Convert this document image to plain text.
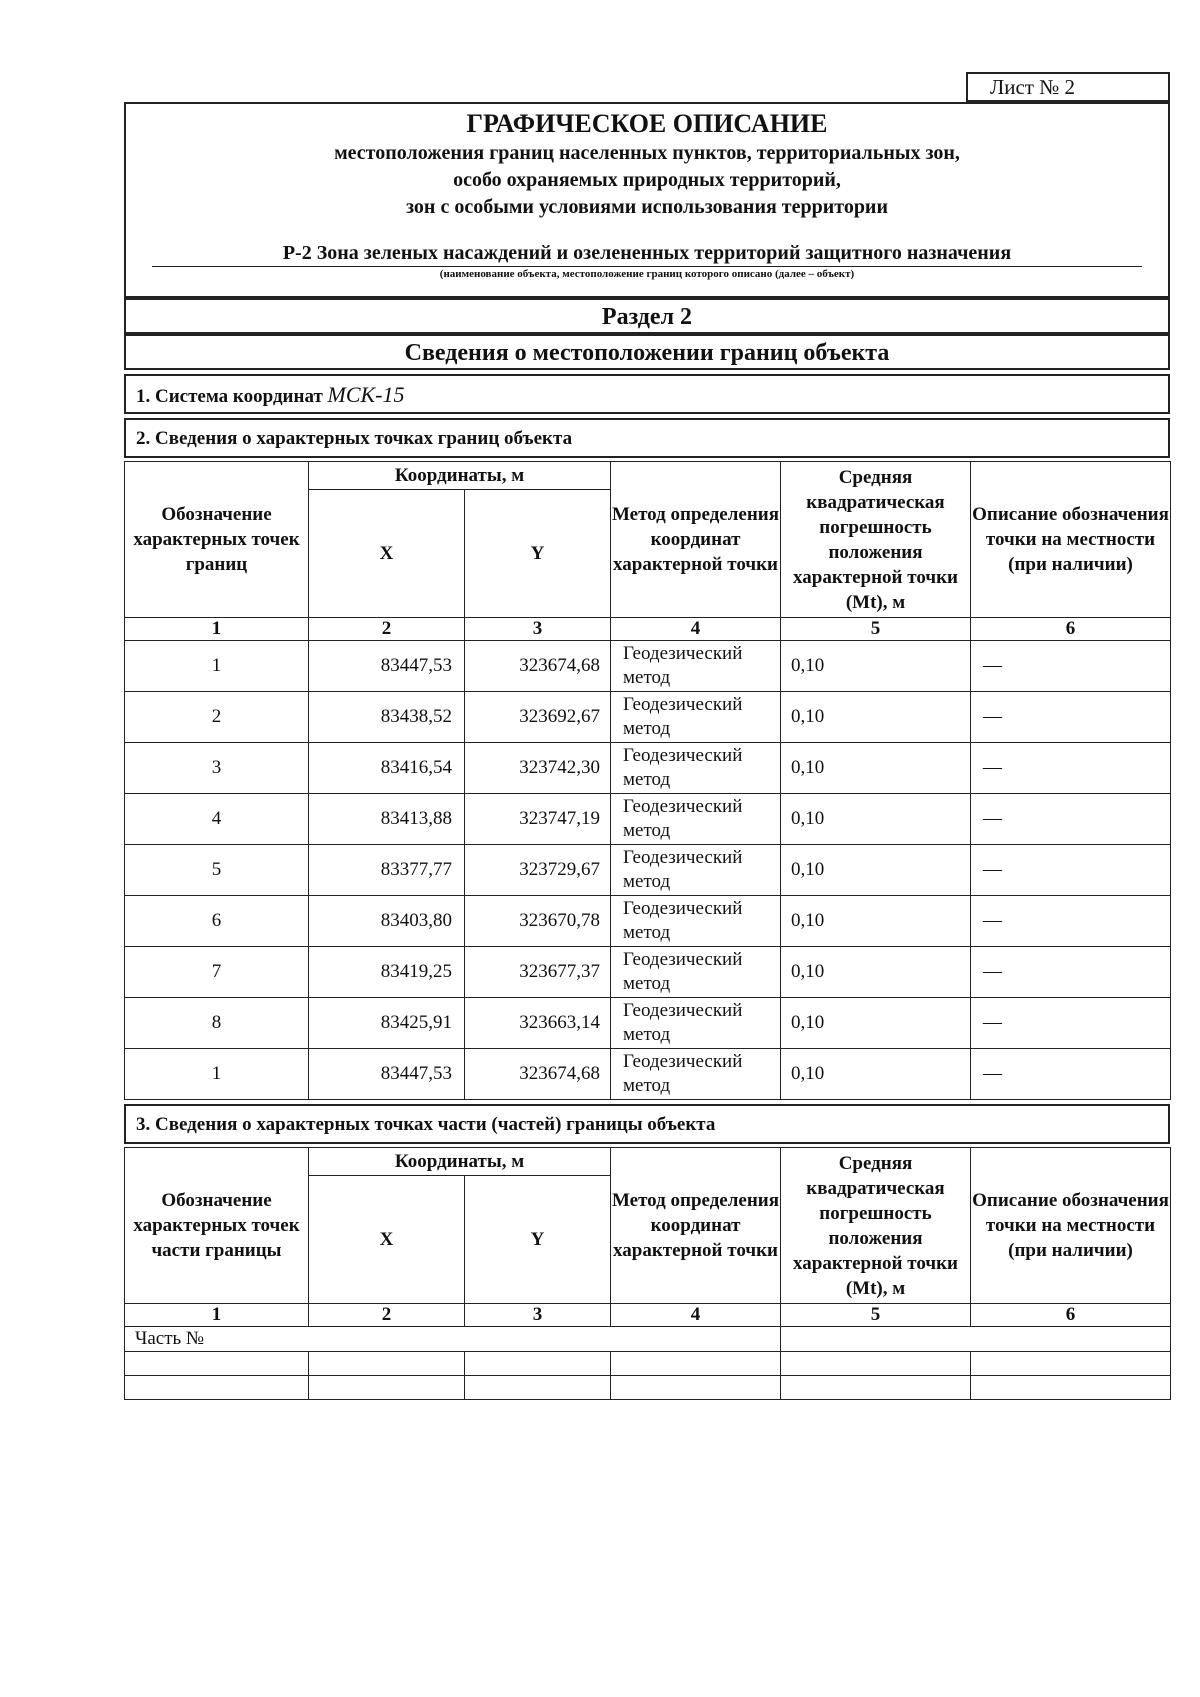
Лист № 2
ГРАФИЧЕСКОЕ ОПИСАНИЕ
местоположения границ населенных пунктов, территориальных зон,
особо охраняемых природных территорий,
зон с особыми условиями использования территории
Р-2 Зона зеленых насаждений и озелененных территорий защитного назначения
(наименование объекта, местоположение границ которого описано (далее – объект)
Раздел 2
Сведения о местоположении границ объекта
1. Система координат МСК-15
2. Сведения о характерных точках границ объекта
Обозначение характерных точек границ	Координаты, м		Метод определения координат характерной точки	Средняя квадратическая погрешность положения характерной точки (Mt), м	Описание обозначения точки на местности (при наличии)
	X	Y			
1	2	3	4	5	6
1	83447,53	323674,68	Геодезический метод	0,10	—
2	83438,52	323692,67	Геодезический метод	0,10	—
3	83416,54	323742,30	Геодезический метод	0,10	—
4	83413,88	323747,19	Геодезический метод	0,10	—
5	83377,77	323729,67	Геодезический метод	0,10	—
6	83403,80	323670,78	Геодезический метод	0,10	—
7	83419,25	323677,37	Геодезический метод	0,10	—
8	83425,91	323663,14	Геодезический метод	0,10	—
1	83447,53	323674,68	Геодезический метод	0,10	—
3. Сведения о характерных точках части (частей) границы объекта
Обозначение характерных точек части границы	Координаты, м		Метод определения координат характерной точки	Средняя квадратическая погрешность положения характерной точки (Mt), м	Описание обозначения точки на местности (при наличии)
	X	Y			
1	2	3	4	5	6
Часть №					
